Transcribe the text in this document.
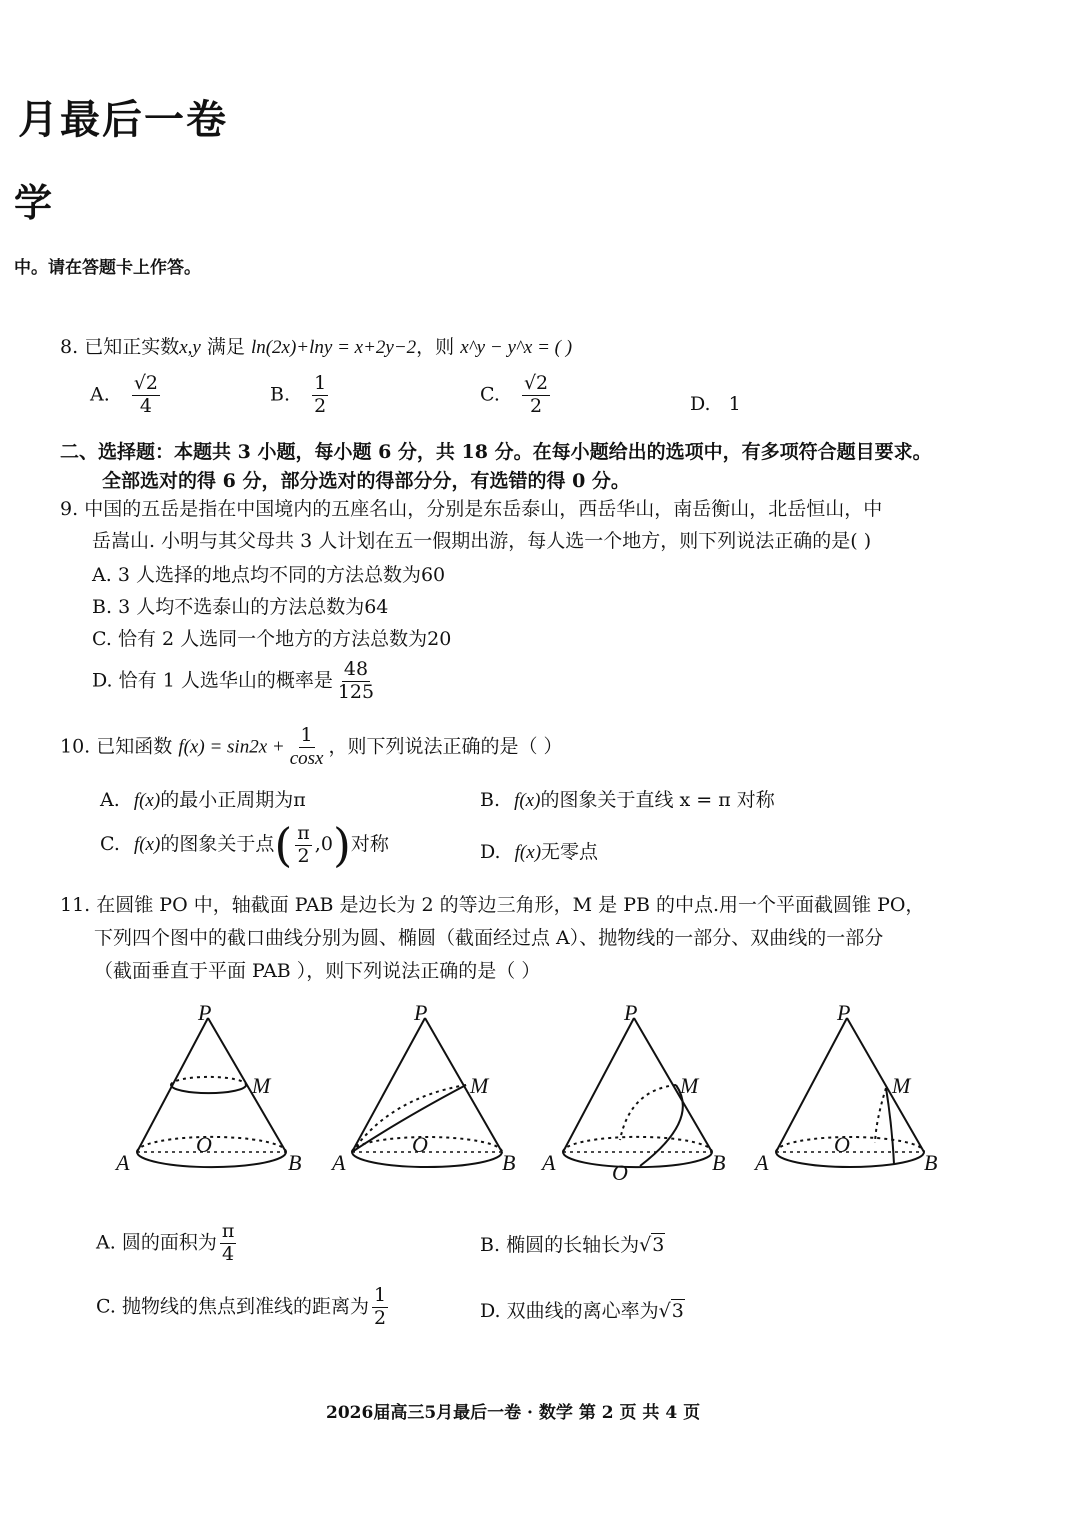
月最后一卷
学
中。请在答题卡上作答。
8. 已知正实数x,y 满足 ln(2x)+lny = x+2y−2，则 x^y − y^x = ( )
A. $\frac{√2}{4}$	B. $\frac{1}{2}$	C. $\frac{√2}{2}$	D. 1
二、选择题：本题共 3 小题，每小题 6 分，共 18 分。在每小题给出的选项中，有多项符合题目要求。
全部选对的得 6 分，部分选对的得部分分，有选错的得 0 分。
9. 中国的五岳是指在中国境内的五座名山，分别是东岳泰山，西岳华山，南岳衡山，北岳恒山，中
岳嵩山. 小明与其父母共 3 人计划在五一假期出游，每人选一个地方，则下列说法正确的是( )
A. 3 人选择的地点均不同的方法总数为60
B. 3 人均不选泰山的方法总数为64
C. 恰有 2 人选同一个地方的方法总数为20
D. 恰有 1 人选华山的概率是 $\frac{48}{125}$
10. 已知函数 $f(x) = \sin 2x + \frac{1}{\cos x}$ ，则下列说法正确的是（ ）
A. f(x)的最小正周期为π	B. f(x)的图象关于直线 x = π 对称
C. f(x)的图象关于点( $\frac{\pi}{2} ,0$)对称	D. f(x)无零点
11. 在圆锥 PO 中，轴截面 PAB 是边长为 2 的等边三角形，M 是 PB 的中点.用一个平面截圆锥 PO，
下列四个图中的截口曲线分别为圆、椭圆（截面经过点 A）、抛物线的一部分、双曲线的一部分
（截面垂直于平面 PAB ），则下列说法正确的是（ ）
P
M
A	B
O
P
M
A	B
O
P
M
A	B
O
P
M
A	B
O
A. 圆的面积为 $\frac{\pi}{4}$	B. 椭圆的长轴长为√3
C. 抛物线的焦点到准线的距离为 $\frac{1}{2}$	D. 双曲线的离心率为√3
2026届高三5月最后一卷 · 数学 第 2 页 共 4 页
